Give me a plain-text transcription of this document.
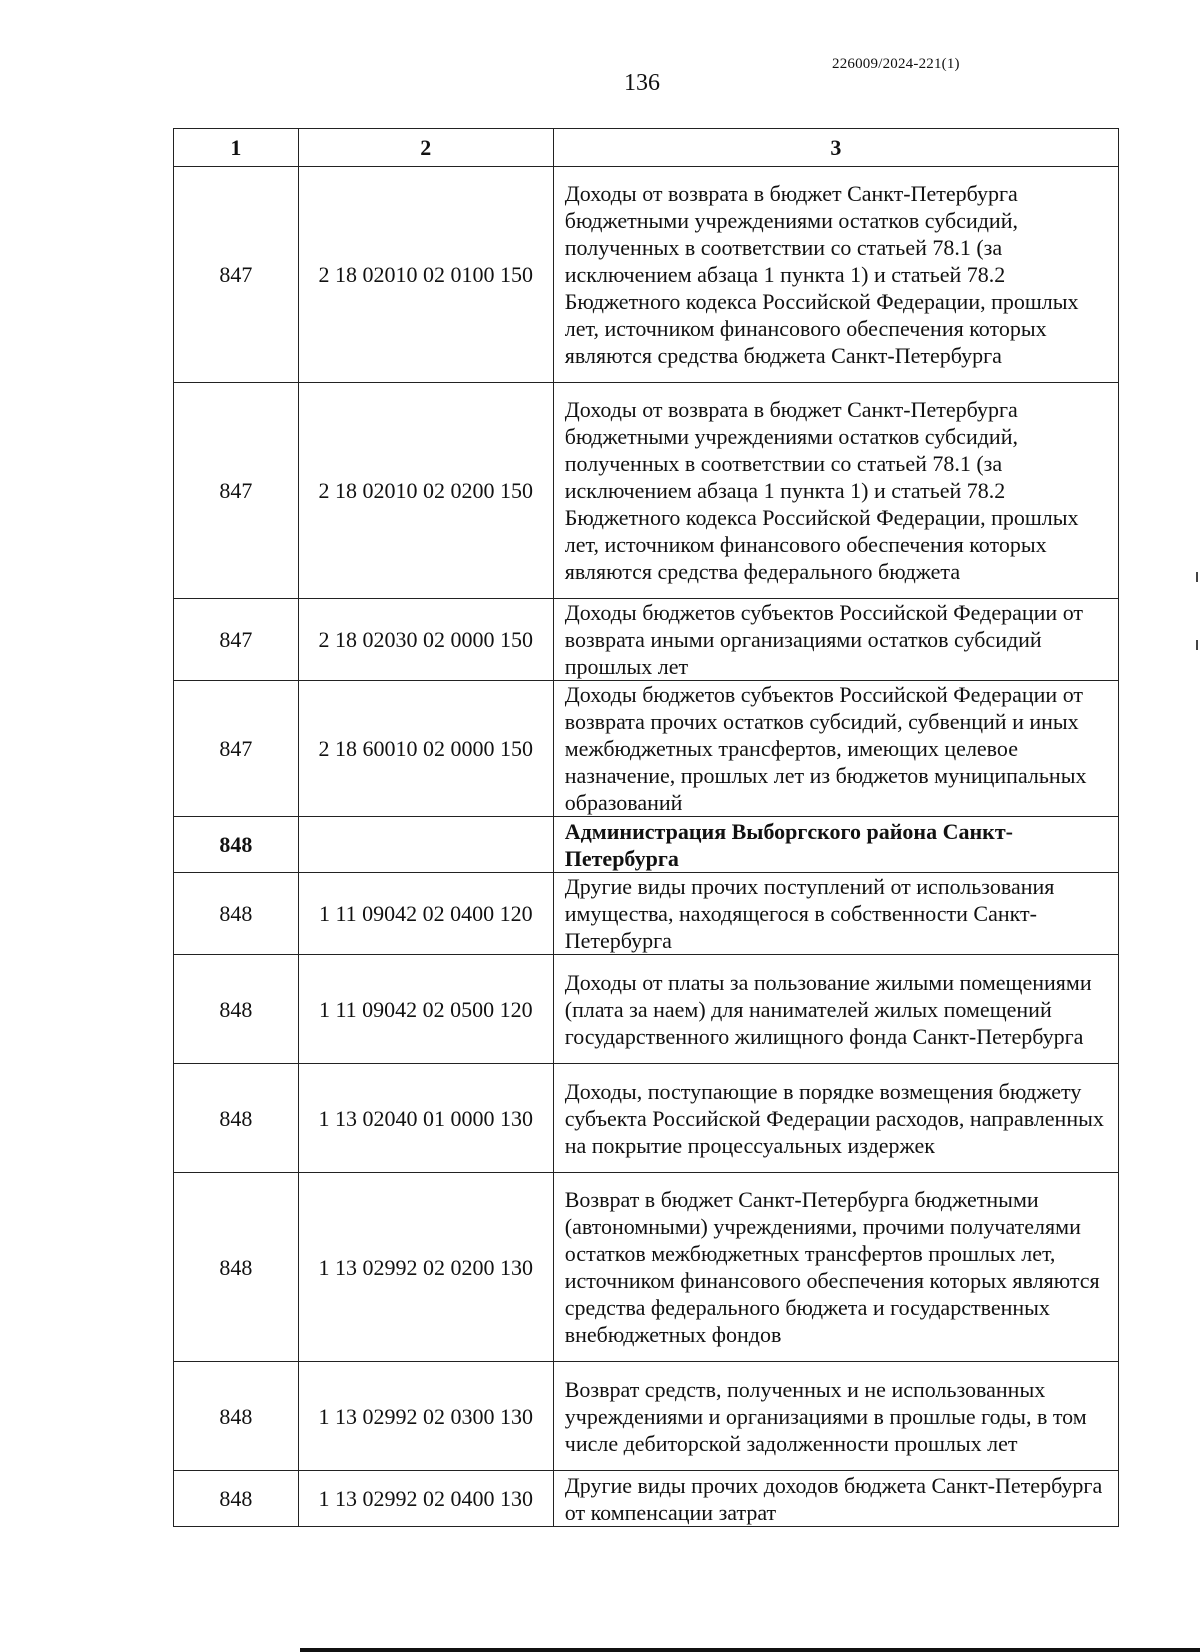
226009/2024-221(1)
136
1	2	3
847	2 18 02010 02 0100 150	Доходы от возврата в бюджет Санкт-Петербурга бюджетными учреждениями остатков субсидий, полученных в соответствии со статьей 78.1 (за исключением абзаца 1 пункта 1) и статьей 78.2 Бюджетного кодекса Российской Федерации, прошлых лет, источником финансового обеспечения которых являются средства бюджета Санкт-Петербурга
847	2 18 02010 02 0200 150	Доходы от возврата в бюджет Санкт-Петербурга бюджетными учреждениями остатков субсидий, полученных в соответствии со статьей 78.1 (за исключением абзаца 1 пункта 1) и статьей 78.2 Бюджетного кодекса Российской Федерации, прошлых лет, источником финансового обеспечения которых являются средства федерального бюджета
847	2 18 02030 02 0000 150	Доходы бюджетов субъектов Российской Федерации от возврата иными организациями остатков субсидий прошлых лет
847	2 18 60010 02 0000 150	Доходы бюджетов субъектов Российской Федерации от возврата прочих остатков субсидий, субвенций и иных межбюджетных трансфертов, имеющих целевое назначение, прошлых лет из бюджетов муниципальных образований
848		Администрация Выборгского района Санкт-Петербурга
848	1 11 09042 02 0400 120	Другие виды прочих поступлений от использования имущества, находящегося в собственности Санкт-Петербурга
848	1 11 09042 02 0500 120	Доходы от платы за пользование жилыми помещениями (плата за наем) для нанимателей жилых помещений государственного жилищного фонда Санкт-Петербурга
848	1 13 02040 01 0000 130	Доходы, поступающие в порядке возмещения бюджету субъекта Российской Федерации расходов, направленных на покрытие процессуальных издержек
848	1 13 02992 02 0200 130	Возврат в бюджет Санкт-Петербурга бюджетными (автономными) учреждениями, прочими получателями остатков межбюджетных трансфертов прошлых лет, источником финансового обеспечения которых являются средства федерального бюджета и государственных внебюджетных фондов
848	1 13 02992 02 0300 130	Возврат средств, полученных и не использованных учреждениями и организациями в прошлые годы, в том числе дебиторской задолженности прошлых лет
848	1 13 02992 02 0400 130	Другие виды прочих доходов бюджета Санкт-Петербурга от компенсации затрат
